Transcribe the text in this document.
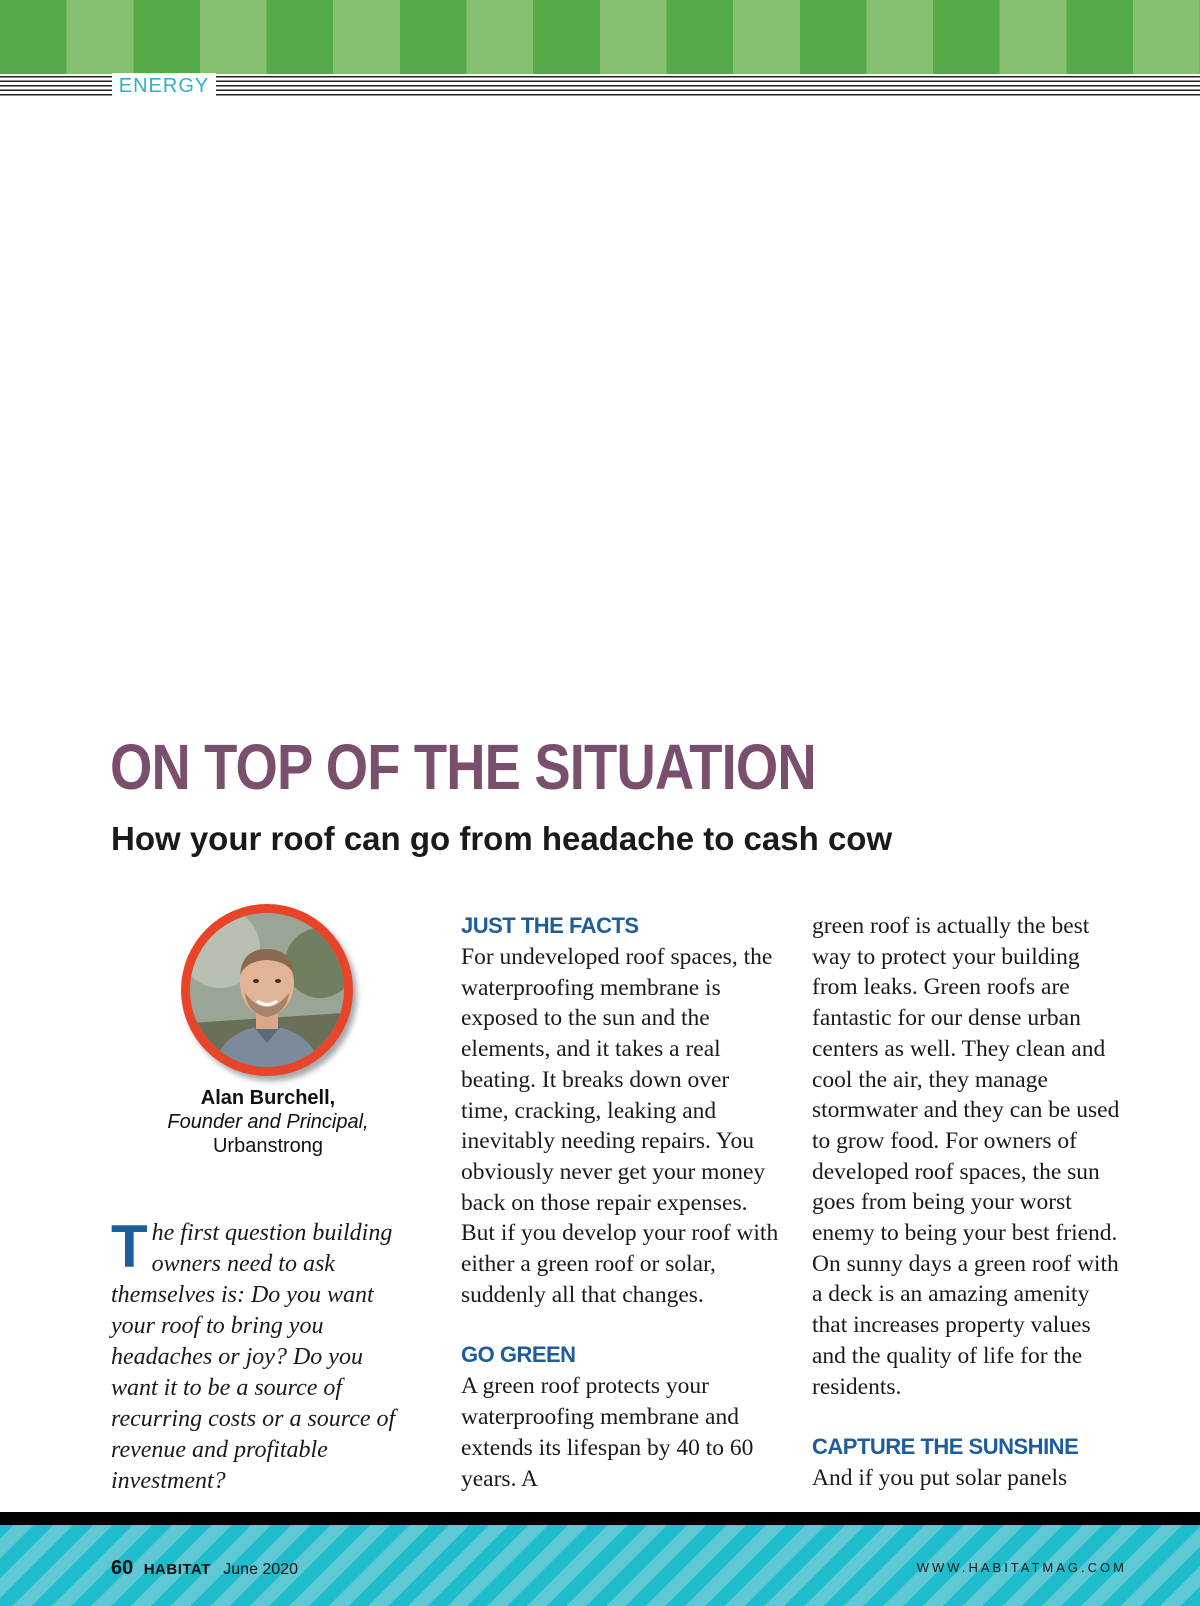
ENERGY
ON TOP OF THE SITUATION
How your roof can go from headache to cash cow
Alan Burchell,
Founder and Principal,
Urbanstrong

The first question building owners need to ask themselves is: Do you want your roof to bring you headaches or joy? Do you want it to be a source of recurring costs or a source of revenue and profitable investment?

JUST THE FACTS

For undeveloped roof spaces, the waterproofing membrane is exposed to the sun and the elements, and it takes a real beating. It breaks down over time, cracking, leaking and inevitably needing repairs. You obviously never get your money back on those repair expenses. But if you develop your roof with either a green roof or solar, suddenly all that changes.

GO GREEN

A green roof protects your waterproofing membrane and extends its lifespan by 40 to 60 years. A

green roof is actually the best way to protect your building from leaks. Green roofs are fantastic for our dense urban centers as well. They clean and cool the air, they manage stormwater and they can be used to grow food. For owners of developed roof spaces, the sun goes from being your worst enemy to being your best friend. On sunny days a green roof with a deck is an amazing amenity that increases property values and the quality of life for the residents.

CAPTURE THE SUNSHINE

And if you put solar panels

60 HABITAT June 2020	WWW.HABITATMAG.COM
